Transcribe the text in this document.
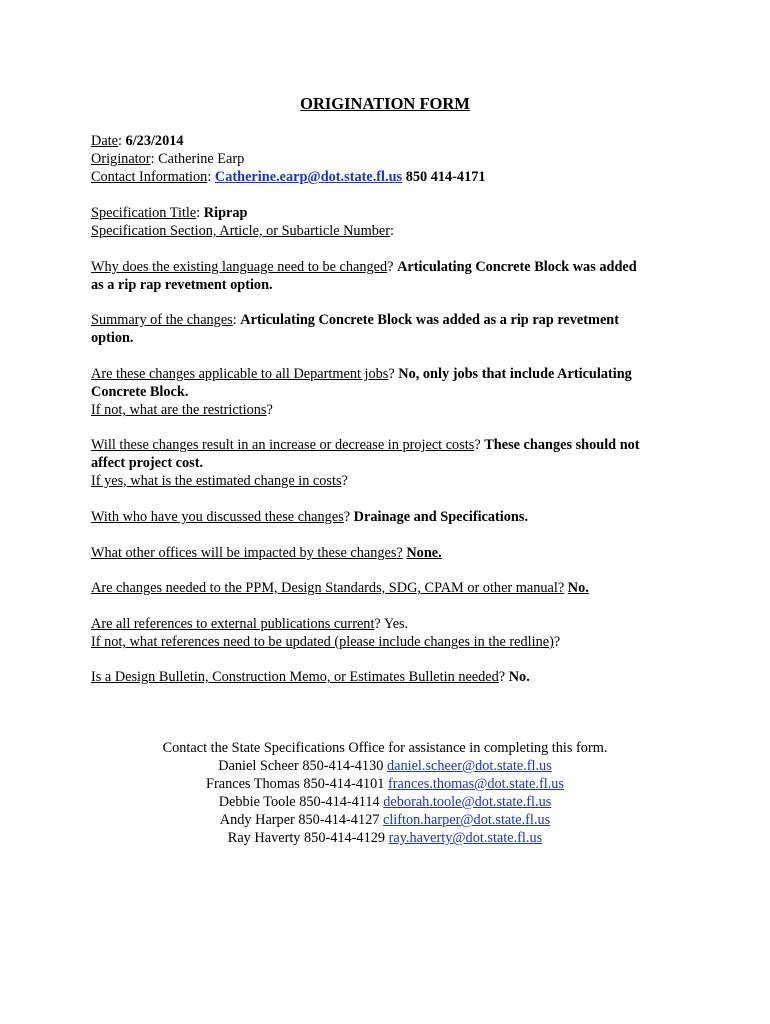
ORIGINATION FORM
Date: 6/23/2014
Originator: Catherine Earp
Contact Information: Catherine.earp@dot.state.fl.us 850 414-4171
Specification Title: Riprap
Specification Section, Article, or Subarticle Number:
Why does the existing language need to be changed? Articulating Concrete Block was added
as a rip rap revetment option.
Summary of the changes: Articulating Concrete Block was added as a rip rap revetment
option.
Are these changes applicable to all Department jobs? No, only jobs that include Articulating
Concrete Block.
If not, what are the restrictions?
Will these changes result in an increase or decrease in project costs? These changes should not
affect project cost.
If yes, what is the estimated change in costs?
With who have you discussed these changes? Drainage and Specifications.
What other offices will be impacted by these changes? None.
Are changes needed to the PPM, Design Standards, SDG, CPAM or other manual? No.
Are all references to external publications current? Yes.
If not, what references need to be updated (please include changes in the redline)?
Is a Design Bulletin, Construction Memo, or Estimates Bulletin needed? No.
Contact the State Specifications Office for assistance in completing this form.
Daniel Scheer 850-414-4130 daniel.scheer@dot.state.fl.us
Frances Thomas 850-414-4101 frances.thomas@dot.state.fl.us
Debbie Toole 850-414-4114 deborah.toole@dot.state.fl.us
Andy Harper 850-414-4127 clifton.harper@dot.state.fl.us
Ray Haverty 850-414-4129 ray.haverty@dot.state.fl.us
